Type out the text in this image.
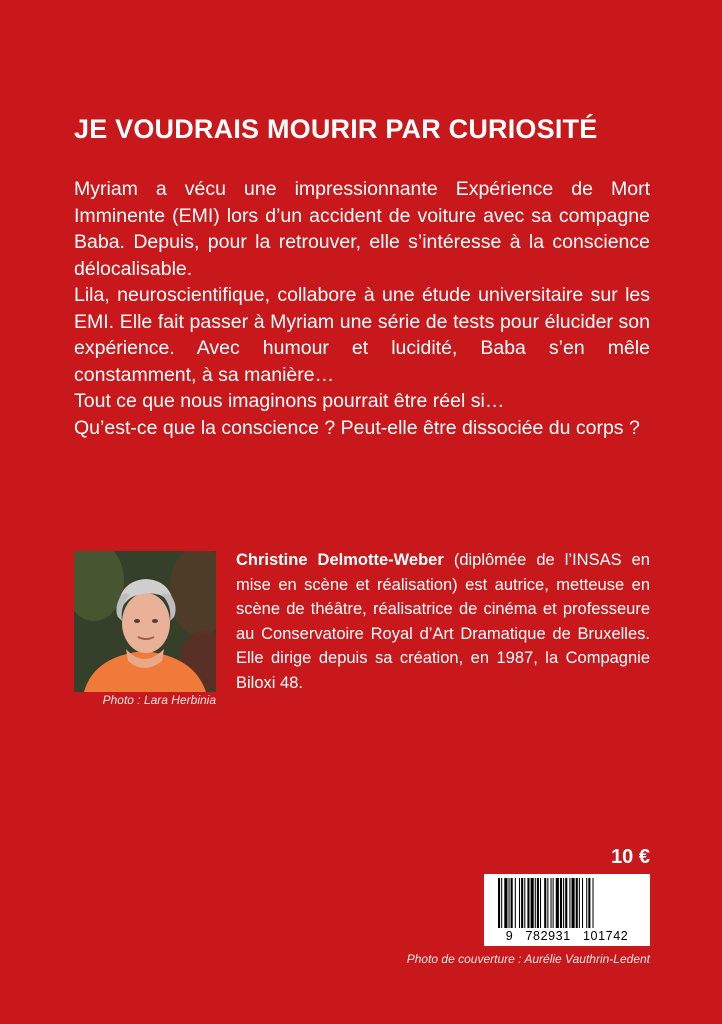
JE VOUDRAIS MOURIR PAR CURIOSITÉ

Myriam a vécu une impressionnante Expérience de Mort Imminente (EMI) lors d’un accident de voiture avec sa compagne Baba. Depuis, pour la retrouver, elle s’intéresse à la conscience délocalisable.

Lila, neuroscientifique, collabore à une étude universitaire sur les EMI. Elle fait passer à Myriam une série de tests pour élucider son expérience. Avec humour et lucidité, Baba s’en mêle constamment, à sa manière…

Tout ce que nous imaginons pourrait être réel si…

Qu’est-ce que la conscience ? Peut-elle être dissociée du corps ?

Photo : Lara Herbinia
Christine Delmotte-Weber (diplômée de l’INSAS en mise en scène et réalisation) est autrice, metteuse en scène de théâtre, réalisatrice de cinéma et professeure au Conservatoire Royal d’Art Dramatique de Bruxelles. Elle dirige depuis sa création, en 1987, la Compagnie Biloxi 48.
10 €
9 782931 101742
Photo de couverture : Aurélie Vauthrin-Ledent
